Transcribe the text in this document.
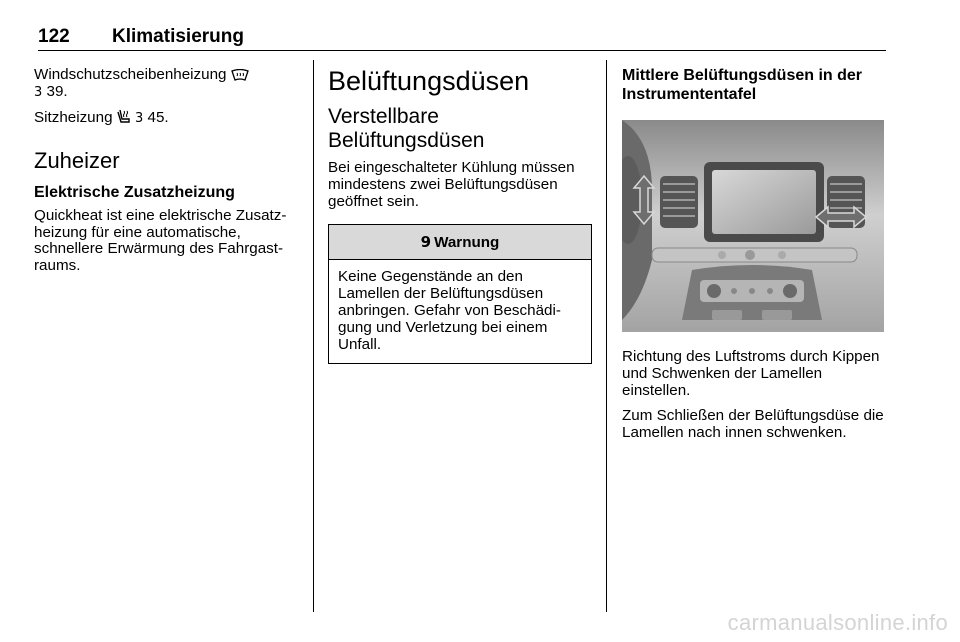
122 Klimatisierung

Windschutzscheibenheizung
3 39.

Sitzheizung 3 45.

Zuheizer
Elektrische Zusatzheizung

Quickheat ist eine elektrische Zusatz-heizung für eine automatische, schnellere Erwärmung des Fahrgast-raums.

Belüftungsdüsen
Verstellbare Belüftungsdüsen

Bei eingeschalteter Kühlung müssen mindestens zwei Belüftungsdüsen geöffnet sein.

9 Warnung
Keine Gegenstände an den Lamellen der Belüftungsdüsen anbringen. Gefahr von Beschädi-gung und Verletzung bei einem Unfall.
Mittlere Belüftungsdüsen in der Instrumententafel

Richtung des Luftstroms durch Kippen und Schwenken der Lamellen einstellen.

Zum Schließen der Belüftungsdüse die Lamellen nach innen schwenken.

carmanualsonline.info
